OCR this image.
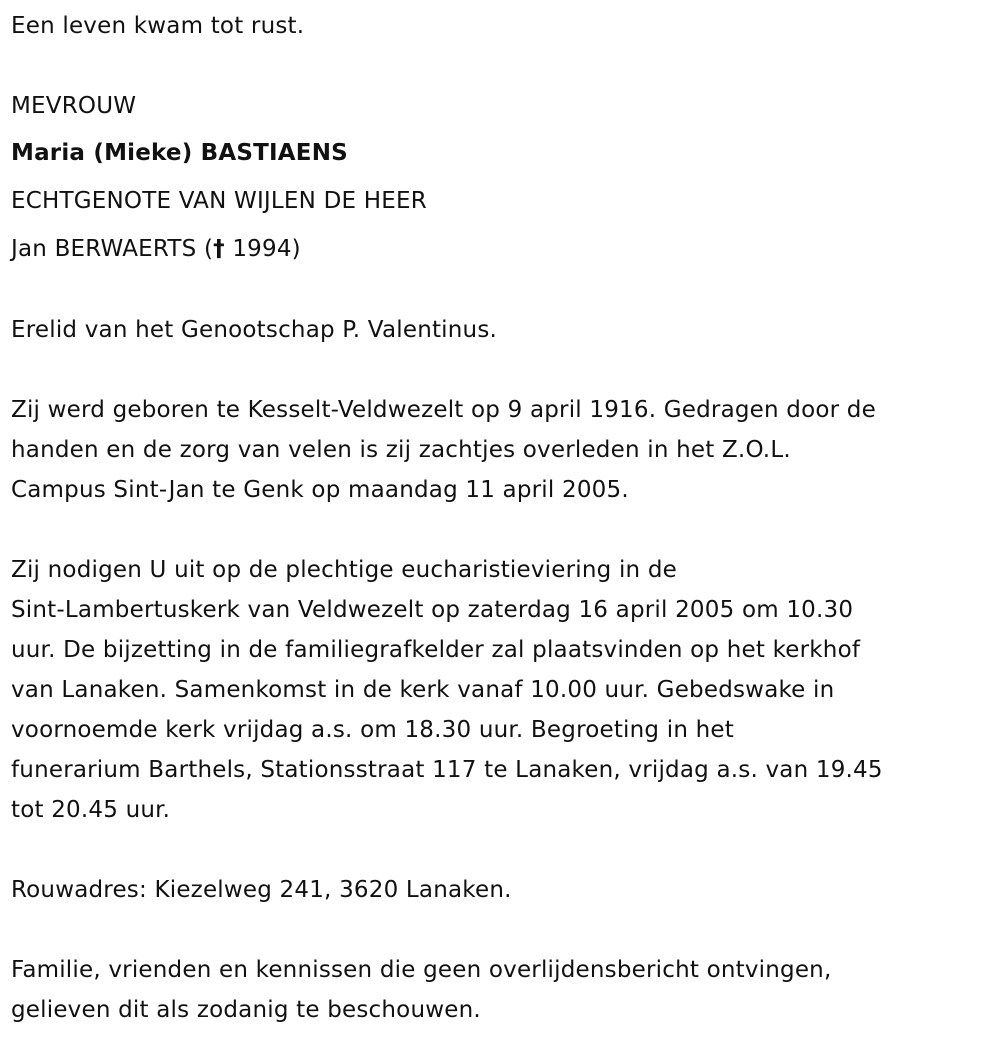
Een leven kwam tot rust.
MEVROUW
Maria (Mieke) BASTIAENS
ECHTGENOTE VAN WIJLEN DE HEER
Jan BERWAERTS († 1994)
Erelid van het Genootschap P. Valentinus.
Zij werd geboren te Kesselt-Veldwezelt op 9 april 1916. Gedragen door de
handen en de zorg van velen is zij zachtjes overleden in het Z.O.L.
Campus Sint-Jan te Genk op maandag 11 april 2005.
Zij nodigen U uit op de plechtige eucharistieviering in de
Sint-Lambertuskerk van Veldwezelt op zaterdag 16 april 2005 om 10.30
uur. De bijzetting in de familiegrafkelder zal plaatsvinden op het kerkhof
van Lanaken. Samenkomst in de kerk vanaf 10.00 uur. Gebedswake in
voornoemde kerk vrijdag a.s. om 18.30 uur. Begroeting in het
funerarium Barthels, Stationsstraat 117 te Lanaken, vrijdag a.s. van 19.45
tot 20.45 uur.
Rouwadres: Kiezelweg 241, 3620 Lanaken.
Familie, vrienden en kennissen die geen overlijdensbericht ontvingen,
gelieven dit als zodanig te beschouwen.
